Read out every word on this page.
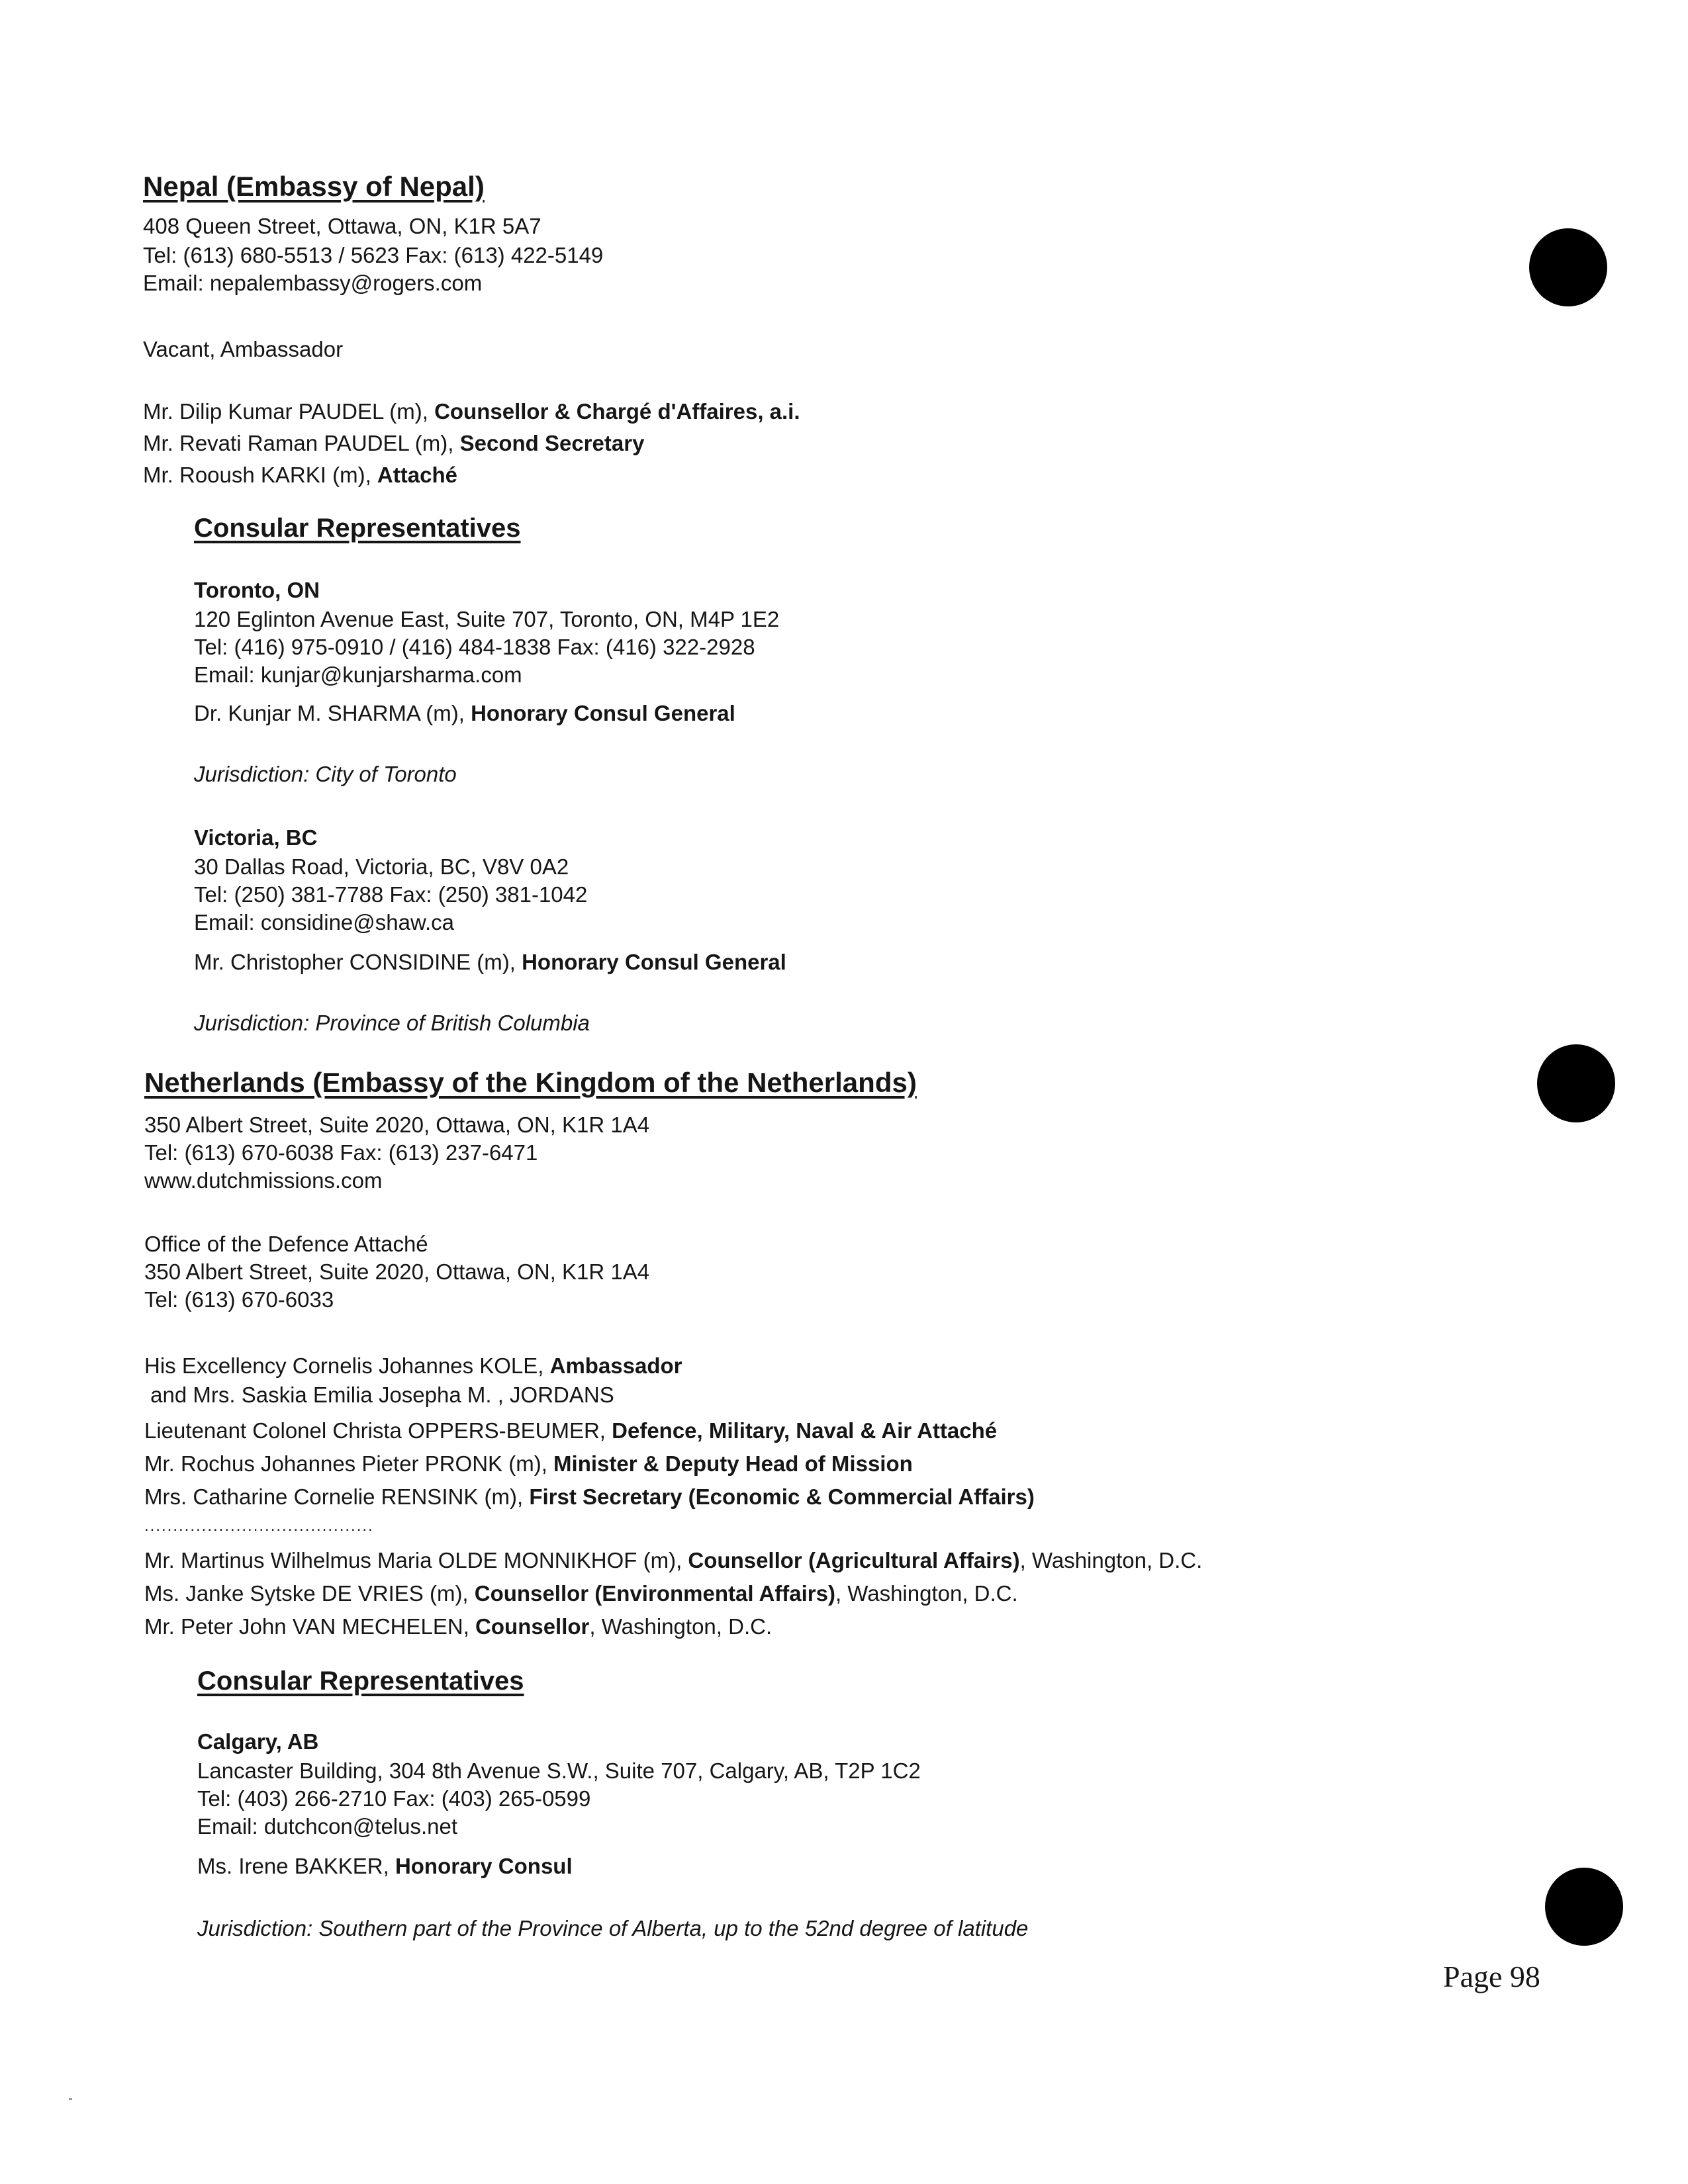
Nepal (Embassy of Nepal)
408 Queen Street, Ottawa, ON, K1R 5A7
Tel: (613) 680-5513 / 5623 Fax: (613) 422-5149
Email: nepalembassy@rogers.com
Vacant, Ambassador
Mr. Dilip Kumar PAUDEL (m), Counsellor & Chargé d'Affaires, a.i.
Mr. Revati Raman PAUDEL (m), Second Secretary
Mr. Rooush KARKI (m), Attaché
Consular Representatives
Toronto, ON
120 Eglinton Avenue East, Suite 707, Toronto, ON, M4P 1E2
Tel: (416) 975-0910 / (416) 484-1838 Fax: (416) 322-2928
Email: kunjar@kunjarsharma.com
Dr. Kunjar M. SHARMA (m), Honorary Consul General
Jurisdiction: City of Toronto
Victoria, BC
30 Dallas Road, Victoria, BC, V8V 0A2
Tel: (250) 381-7788 Fax: (250) 381-1042
Email: considine@shaw.ca
Mr. Christopher CONSIDINE (m), Honorary Consul General
Jurisdiction: Province of British Columbia
Netherlands (Embassy of the Kingdom of the Netherlands)
350 Albert Street, Suite 2020, Ottawa, ON, K1R 1A4
Tel: (613) 670-6038 Fax: (613) 237-6471
www.dutchmissions.com
Office of the Defence Attaché
350 Albert Street, Suite 2020, Ottawa, ON, K1R 1A4
Tel: (613) 670-6033
His Excellency Cornelis Johannes KOLE, Ambassador
and Mrs. Saskia Emilia Josepha M. , JORDANS
Lieutenant Colonel Christa OPPERS-BEUMER, Defence, Military, Naval & Air Attaché
Mr. Rochus Johannes Pieter PRONK (m), Minister & Deputy Head of Mission
Mrs. Catharine Cornelie RENSINK (m), First Secretary (Economic & Commercial Affairs)
........................................
Mr. Martinus Wilhelmus Maria OLDE MONNIKHOF (m), Counsellor (Agricultural Affairs), Washington, D.C.
Ms. Janke Sytske DE VRIES (m), Counsellor (Environmental Affairs), Washington, D.C.
Mr. Peter John VAN MECHELEN, Counsellor, Washington, D.C.
Consular Representatives
Calgary, AB
Lancaster Building, 304 8th Avenue S.W., Suite 707, Calgary, AB, T2P 1C2
Tel: (403) 266-2710 Fax: (403) 265-0599
Email: dutchcon@telus.net
Ms. Irene BAKKER, Honorary Consul
Jurisdiction: Southern part of the Province of Alberta, up to the 52nd degree of latitude
Page 98
